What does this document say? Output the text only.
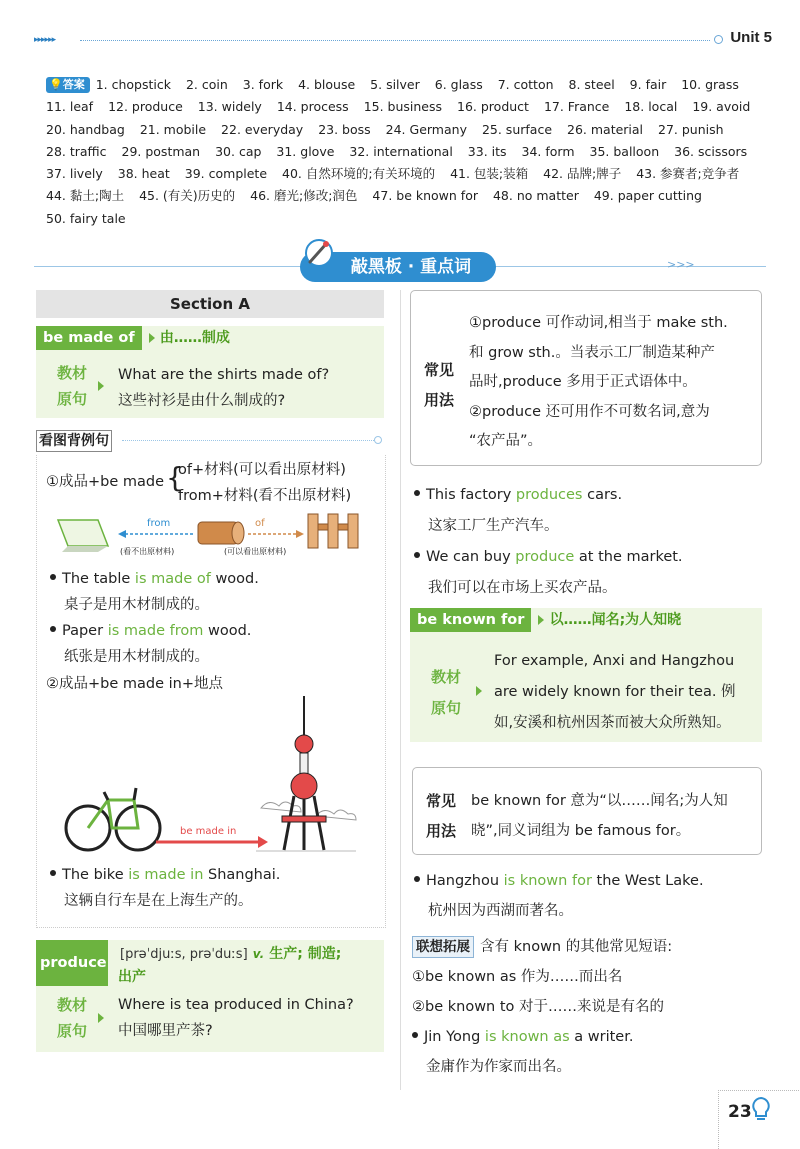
▸▸▸▸▸▸	Unit 5
💡答案 1. chopstick 2. coin 3. fork 4. blouse 5. silver 6. glass 7. cotton 8. steel 9. fair 10. grass 11. leaf 12. produce 13. widely 14. process 15. business 16. product 17. France 18. local 19. avoid 20. handbag 21. mobile 22. everyday 23. boss 24. Germany 25. surface 26. material 27. punish 28. traffic 29. postman 30. cap 31. glove 32. international 33. its 34. form 35. balloon 36. scissors 37. lively 38. heat 39. complete 40. 自然环境的;有关环境的 41. 包装;装箱 42. 品牌;牌子 43. 参赛者;竞争者 44. 黏土;陶土 45. (有关)历史的 46. 磨光;修改;润色 47. be known for 48. no matter 49. paper cutting 50. fairy tale
敲黑板 · 重点词	>>>
Section A
be made of 由……制成
教材
原句
What are the shirts made of?
这些衬衫是由什么制成的?
看图背例句
①成品+be made {
of+材料(可以看出原材料)
from+材料(看不出原材料)
from	of
(看不出原材料)	(可以看出原材料)
The table is made of wood.
桌子是用木材制成的。
Paper is made from wood.
纸张是用木材制成的。
②成品+be made in+地点
be made in
The bike is made in Shanghai.
这辆自行车是在上海生产的。
produce
[prəˈdjuːs, prəˈduːs] v. 生产; 制造;
出产
教材
原句
Where is tea produced in China?
中国哪里产茶?
常见
用法
①produce 可作动词,相当于 make sth.
和 grow sth.。当表示工厂制造某种产
品时,produce 多用于正式语体中。
②produce 还可用作不可数名词,意为
“农产品”。
This factory produces cars.
这家工厂生产汽车。
We can buy produce at the market.
我们可以在市场上买农产品。
be known for 以……闻名;为人知晓
教材
原句
For example, Anxi and Hangzhou
are widely known for their tea. 例
如,安溪和杭州因茶而被大众所熟知。
常见
用法
be known for 意为“以……闻名;为人知
晓”,同义词组为 be famous for。
Hangzhou is known for the West Lake.
杭州因为西湖而著名。
联想拓展 含有 known 的其他常见短语:
①be known as 作为……而出名
②be known to 对于……来说是有名的
Jin Yong is known as a writer.
金庸作为作家而出名。
23
